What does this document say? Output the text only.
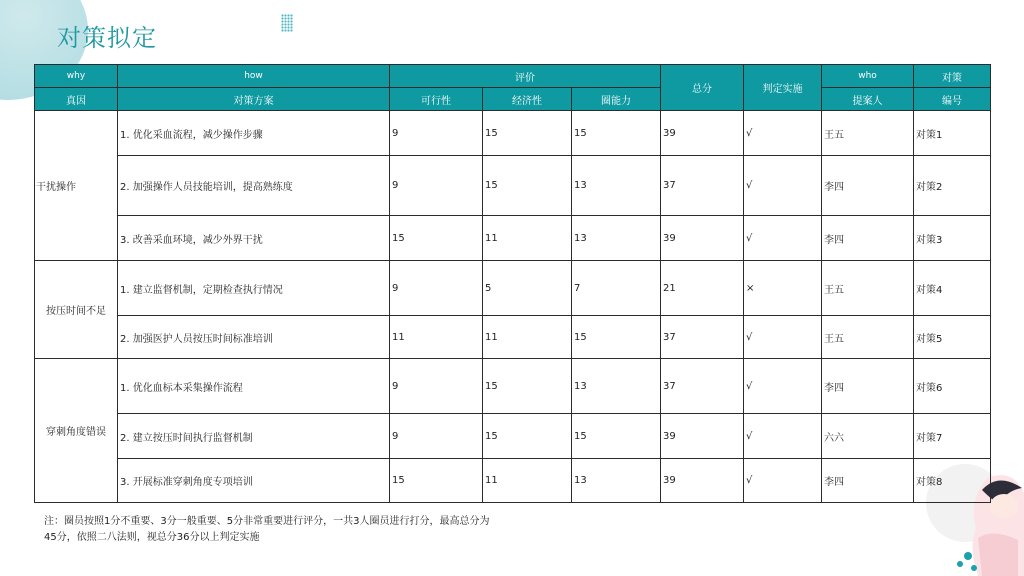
对策拟定
why	how	评价			总分	判定实施	who	对策
真因	对策方案	可行性	经济性	圈能力			提案人	编号
干扰操作	1. 优化采血流程，减少操作步骤	9	15	15	39	√	王五	对策1
	2. 加强操作人员技能培训，提高熟练度	9	15	13	37	√	李四	对策2
	3. 改善采血环境，减少外界干扰	15	11	13	39	√	李四	对策3
按压时间不足	1. 建立监督机制，定期检查执行情况	9	5	7	21	×	王五	对策4
	2. 加强医护人员按压时间标准培训	11	11	15	37	√	王五	对策5
穿刺角度错误	1. 优化血标本采集操作流程	9	15	13	37	√	李四	对策6
	2. 建立按压时间执行监督机制	9	15	15	39	√	六六	对策7
	3. 开展标准穿刺角度专项培训	15	11	13	39	√	李四	对策8
注：圈员按照1分不重要、3分一般重要、5分非常重要进行评分，一共3人圈员进行打分，最高总分为
45分，依照二八法则，视总分36分以上判定实施
